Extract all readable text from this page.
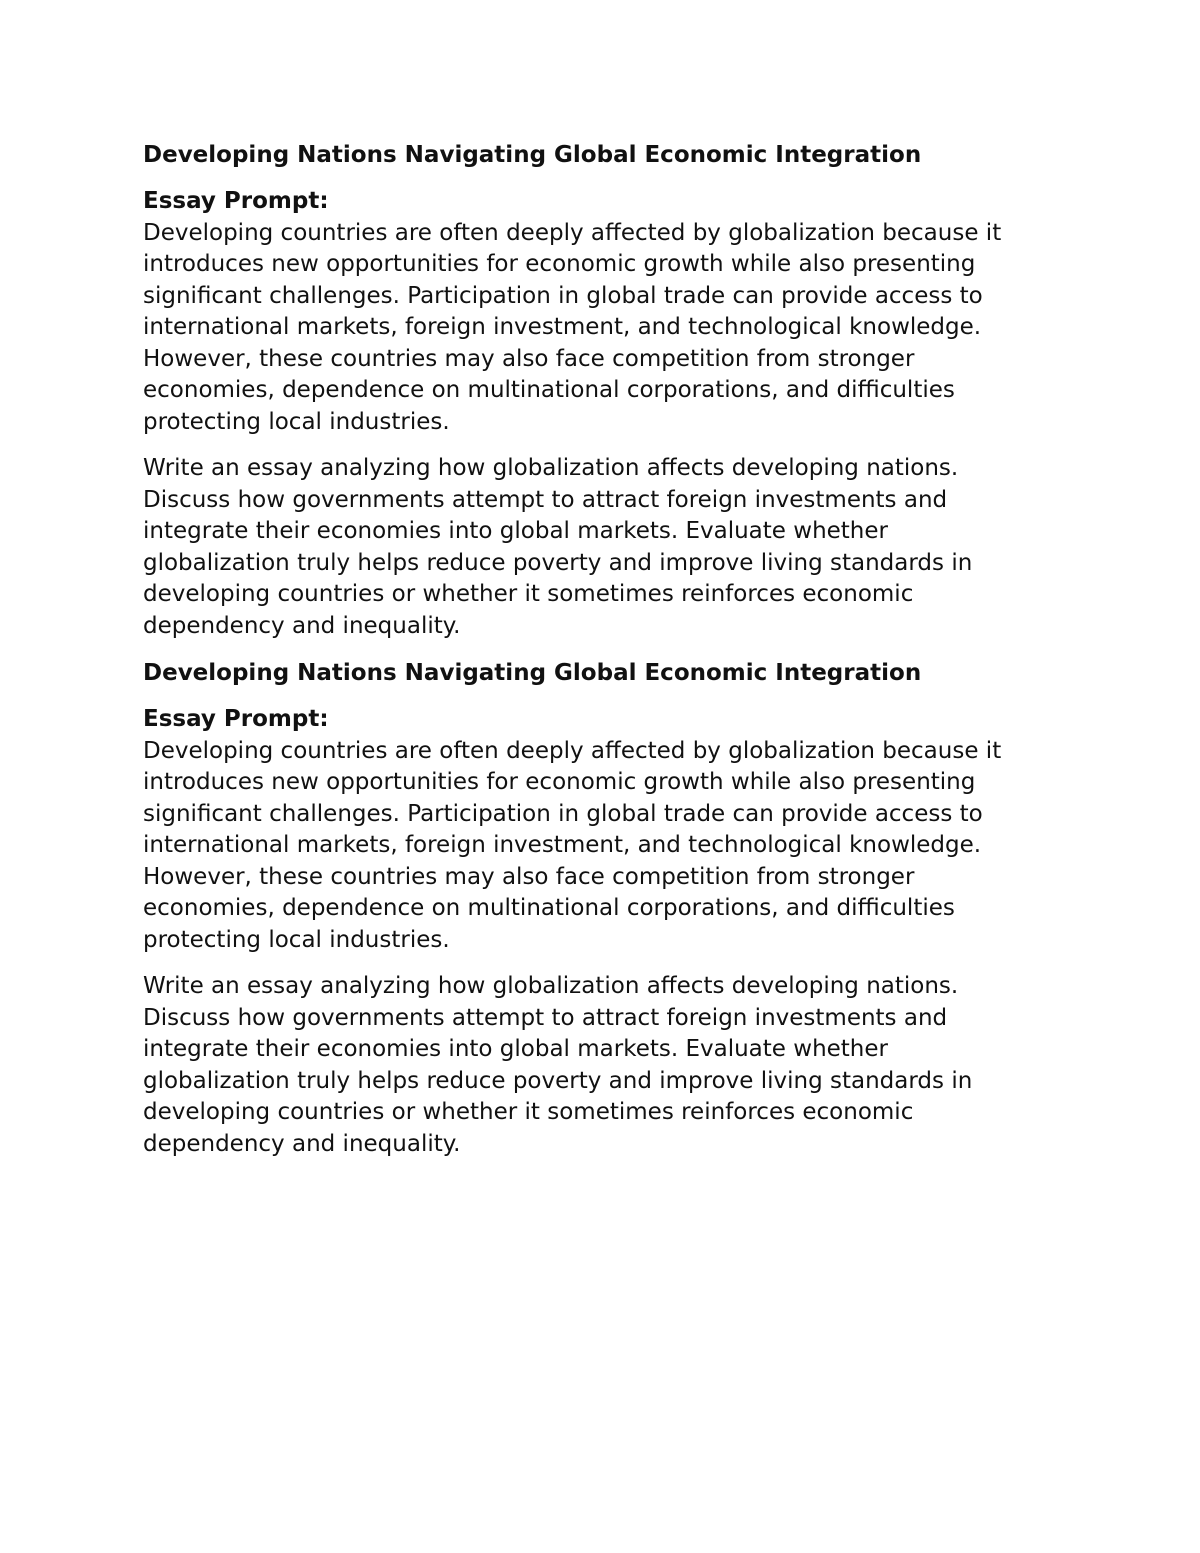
Developing Nations Navigating Global Economic Integration
Essay Prompt:
Developing countries are often deeply affected by globalization because it
introduces new opportunities for economic growth while also presenting
significant challenges. Participation in global trade can provide access to
international markets, foreign investment, and technological knowledge.
However, these countries may also face competition from stronger
economies, dependence on multinational corporations, and difficulties
protecting local industries.
Write an essay analyzing how globalization affects developing nations.
Discuss how governments attempt to attract foreign investments and
integrate their economies into global markets. Evaluate whether
globalization truly helps reduce poverty and improve living standards in
developing countries or whether it sometimes reinforces economic
dependency and inequality.
Developing Nations Navigating Global Economic Integration
Essay Prompt:
Developing countries are often deeply affected by globalization because it
introduces new opportunities for economic growth while also presenting
significant challenges. Participation in global trade can provide access to
international markets, foreign investment, and technological knowledge.
However, these countries may also face competition from stronger
economies, dependence on multinational corporations, and difficulties
protecting local industries.
Write an essay analyzing how globalization affects developing nations.
Discuss how governments attempt to attract foreign investments and
integrate their economies into global markets. Evaluate whether
globalization truly helps reduce poverty and improve living standards in
developing countries or whether it sometimes reinforces economic
dependency and inequality.
